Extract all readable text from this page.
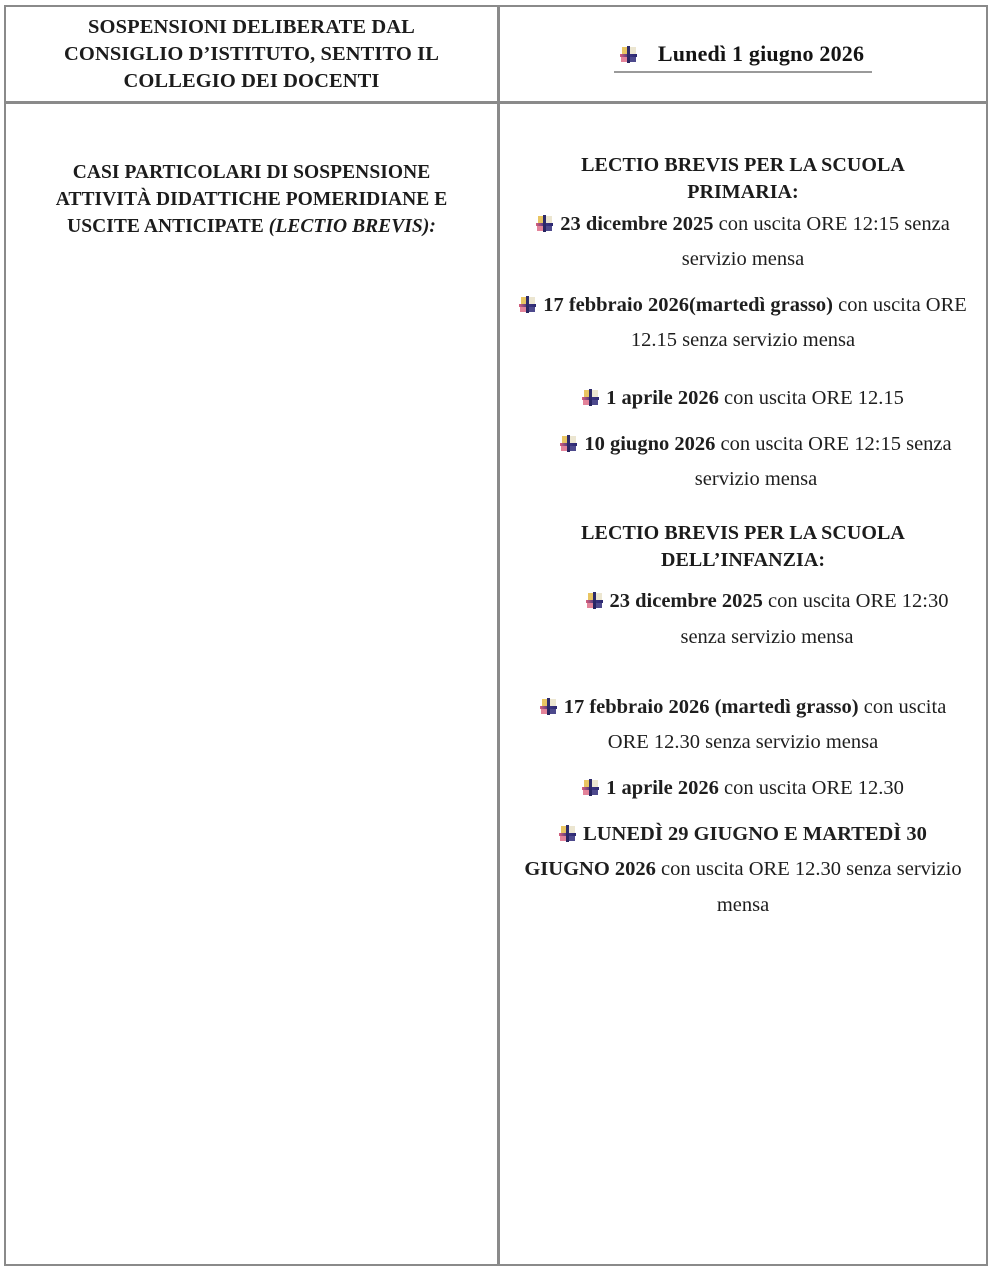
SOSPENSIONI DELIBERATE DAL
CONSIGLIO D’ISTITUTO, SENTITO IL
COLLEGIO DEI DOCENTI
Lunedì 1 giugno 2026
CASI PARTICOLARI DI SOSPENSIONE
ATTIVITÀ DIDATTICHE POMERIDIANE E
USCITE ANTICIPATE (LECTIO BREVIS):
LECTIO BREVIS PER LA SCUOLA
PRIMARIA:
23 dicembre 2025 con uscita ORE 12:15 senza servizio mensa
17 febbraio 2026(martedì grasso) con uscita ORE 12.15 senza servizio mensa
1 aprile 2026 con uscita ORE 12.15
10 giugno 2026 con uscita ORE 12:15 senza servizio mensa
LECTIO BREVIS PER LA SCUOLA
DELL’INFANZIA:
23 dicembre 2025 con uscita ORE 12:30 senza servizio mensa
17 febbraio 2026 (martedì grasso) con uscita ORE 12.30 senza servizio mensa
1 aprile 2026 con uscita ORE 12.30
LUNEDÌ 29 GIUGNO E MARTEDÌ 30 GIUGNO 2026 con uscita ORE 12.30 senza servizio mensa
